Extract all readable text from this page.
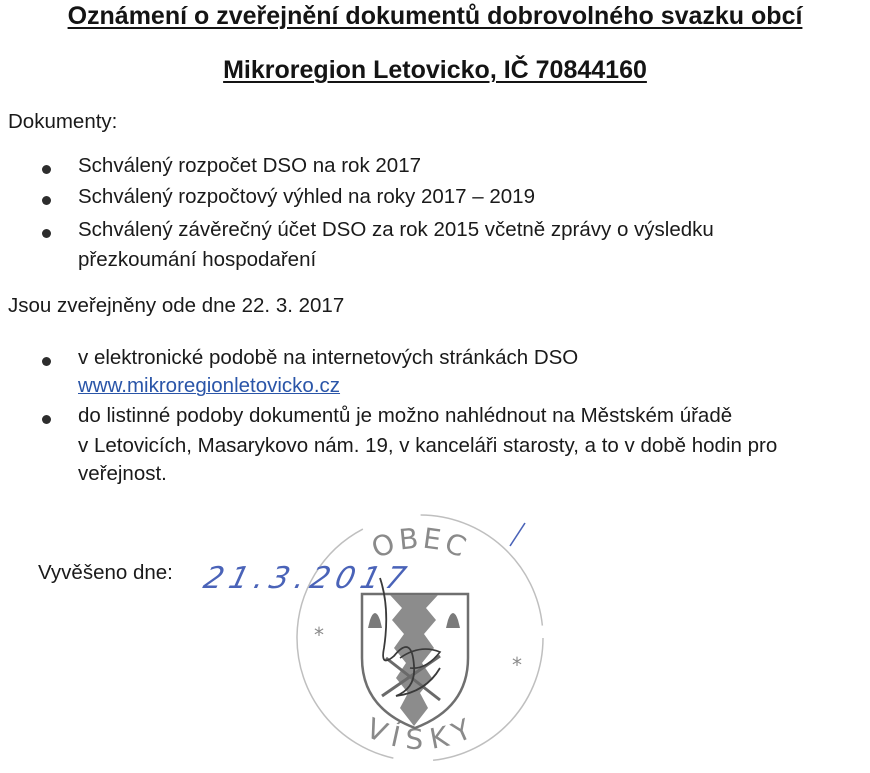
Oznámení o zveřejnění dokumentů dobrovolného svazku obcí
Mikroregion Letovicko, IČ 70844160
Dokumenty:
Schválený rozpočet DSO na rok 2017
Schválený rozpočtový výhled na roky 2017 – 2019
Schválený závěrečný účet DSO za rok 2015 včetně zprávy o výsledku
přezkoumání hospodaření
Jsou zveřejněny ode dne 22. 3. 2017
v elektronické podobě na internetových stránkách DSO
www.mikroregionletovicko.cz
do listinné podoby dokumentů je možno nahlédnout na Městském úřadě
v Letovicích, Masarykovo nám. 19, v kanceláři starosty, a to v době hodin pro
veřejnost.
Vyvěšeno dne:
OBEC
VÍSKY
*
*
21.3.2017
